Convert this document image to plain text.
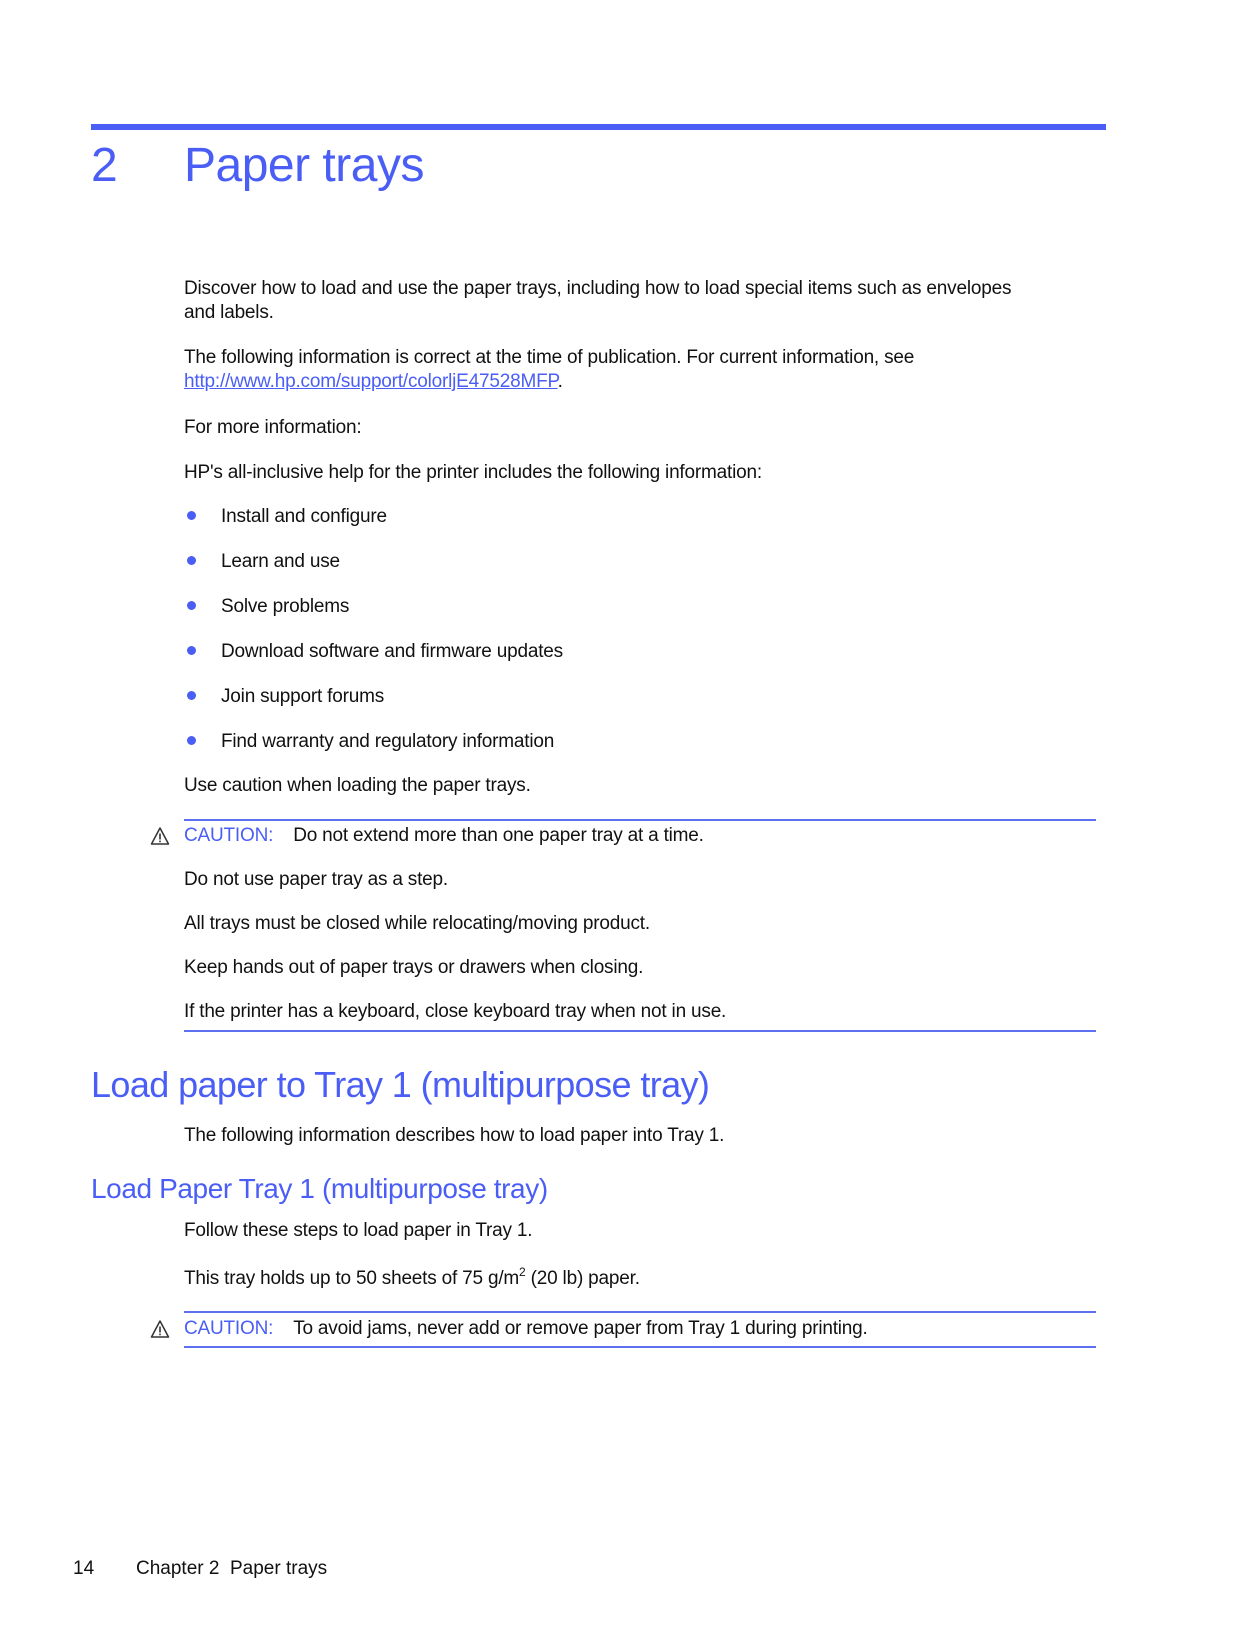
2 Paper trays
Discover how to load and use the paper trays, including how to load special items such as envelopes
and labels.
The following information is correct at the time of publication. For current information, see
http://www.hp.com/support/colorljE47528MFP.
For more information:
HP's all-inclusive help for the printer includes the following information:
Install and configure
Learn and use
Solve problems
Download software and firmware updates
Join support forums
Find warranty and regulatory information
Use caution when loading the paper trays.
CAUTION: Do not extend more than one paper tray at a time.
Do not use paper tray as a step.
All trays must be closed while relocating/moving product.
Keep hands out of paper trays or drawers when closing.
If the printer has a keyboard, close keyboard tray when not in use.
Load paper to Tray 1 (multipurpose tray)
The following information describes how to load paper into Tray 1.
Load Paper Tray 1 (multipurpose tray)
Follow these steps to load paper in Tray 1.
This tray holds up to 50 sheets of 75 $g/m^2$ (20 lb) paper.
CAUTION: To avoid jams, never add or remove paper from Tray 1 during printing.
14 Chapter 2  Paper trays
